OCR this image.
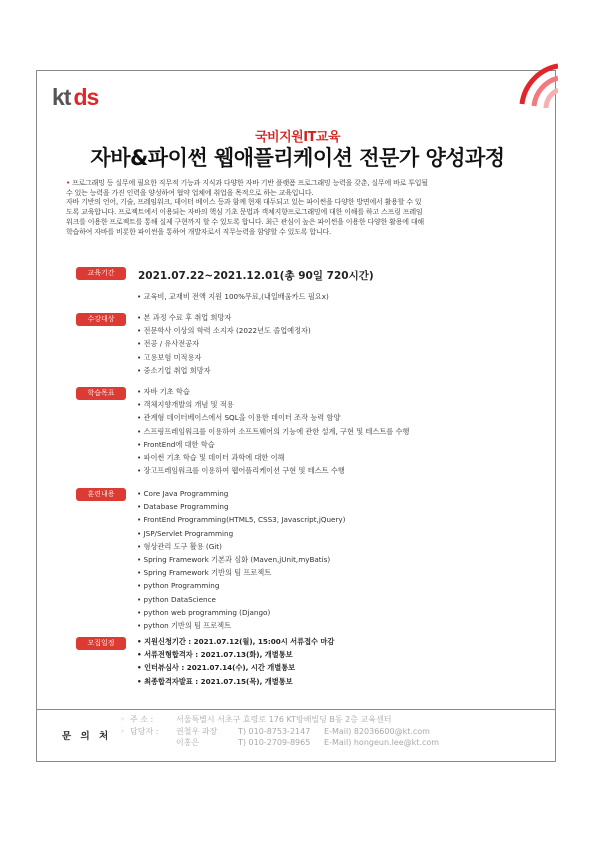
kt ds
국비지원IT교육
자바&파이썬 웹애플리케이션 전문가 양성과정
• 프로그래밍 등 실무에 필요한 직무적 기능과 지식과 다양한 자바 기반 플랫폼 프로그래밍 능력을 갖춘, 실무에 바로 투입될
수 있는 능력을 가진 인력을 양성하여 협약 업체에 취업을 목적으로 하는 교육입니다.
자바 기반의 언어, 기술, 프레임워크, 데이터 베이스 등과 함께 현재 대두되고 있는 파이썬을 다양한 방면에서 활용할 수 있
도록 교육합니다. 프로젝트에서 이용되는 자바의 핵심 기초 문법과 객체지향프로그래밍에 대한 이해를 하고 스프링 프레임
워크를 이용한 프로젝트를 통해 실제 구현까지 할 수 있도록 합니다. 최근 관심이 높은 파이썬을 이용한 다양한 활용에 대해
학습하여 자바를 비롯한 파이썬을 통하여 개발자로서 직무능력을 함양할 수 있도록 합니다.
교육기간	2021.07.22~2021.12.01(총 90일 720시간)
• 교육비, 교재비 전액 지원 100%무료,(내일배움카드 필요x)
수강대상	• 본 과정 수료 후 취업 희망자
• 전문학사 이상의 학력 소지자 (2022년도 졸업예정자)
• 전공 / 유사전공자
• 고용보험 미적용자
• 중소기업 취업 희망자
학습목표	• 자바 기초 학습
• 객체지향개발의 개념 및 적용
• 관계형 데이터베이스에서 SQL을 이용한 데이터 조작 능력 함양
• 스프링프레임워크를 이용하여 소프트웨어의 기능에 관한 설계, 구현 및 테스트를 수행
• FrontEnd에 대한 학습
• 파이썬 기초 학습 및 데이터 과학에 대한 이해
• 장고프레임워크를 이용하여 웹어플리케이션 구현 및 테스트 수행
훈련내용	• Core Java Programming
• Database Programming
• FrontEnd Programming(HTML5, CSS3, Javascript,jQuery)
• JSP/Servlet Programming
• 형상관리 도구 활용 (Git)
• Spring Framework 기본과 심화 (Maven,jUnit,myBatis)
• Spring Framework 기반의 팀 프로젝트
• python Programming
• python DataScience
• python web programming (Django)
• python 기반의 팀 프로젝트
모집일정	• 지원신청기간 : 2021.07.12(월), 15:00시 서류접수 마감
• 서류전형합격자 : 2021.07.13(화), 개별통보
• 인터뷰심사 : 2021.07.14(수), 시간 개별통보
• 최종합격자발표 : 2021.07.15(목), 개별통보
문 의 처
◦ 주 소 :	서울특별시 서초구 효령로 176 KT방배빌딩 B동 2층 교육센터
◦ 담당자 : 권철우 과장	T) 010-8753-2147 E-Mail) 82036600@kt.com
이홍은	T) 010-2709-8965 E-Mail) hongeun.lee@kt.com
